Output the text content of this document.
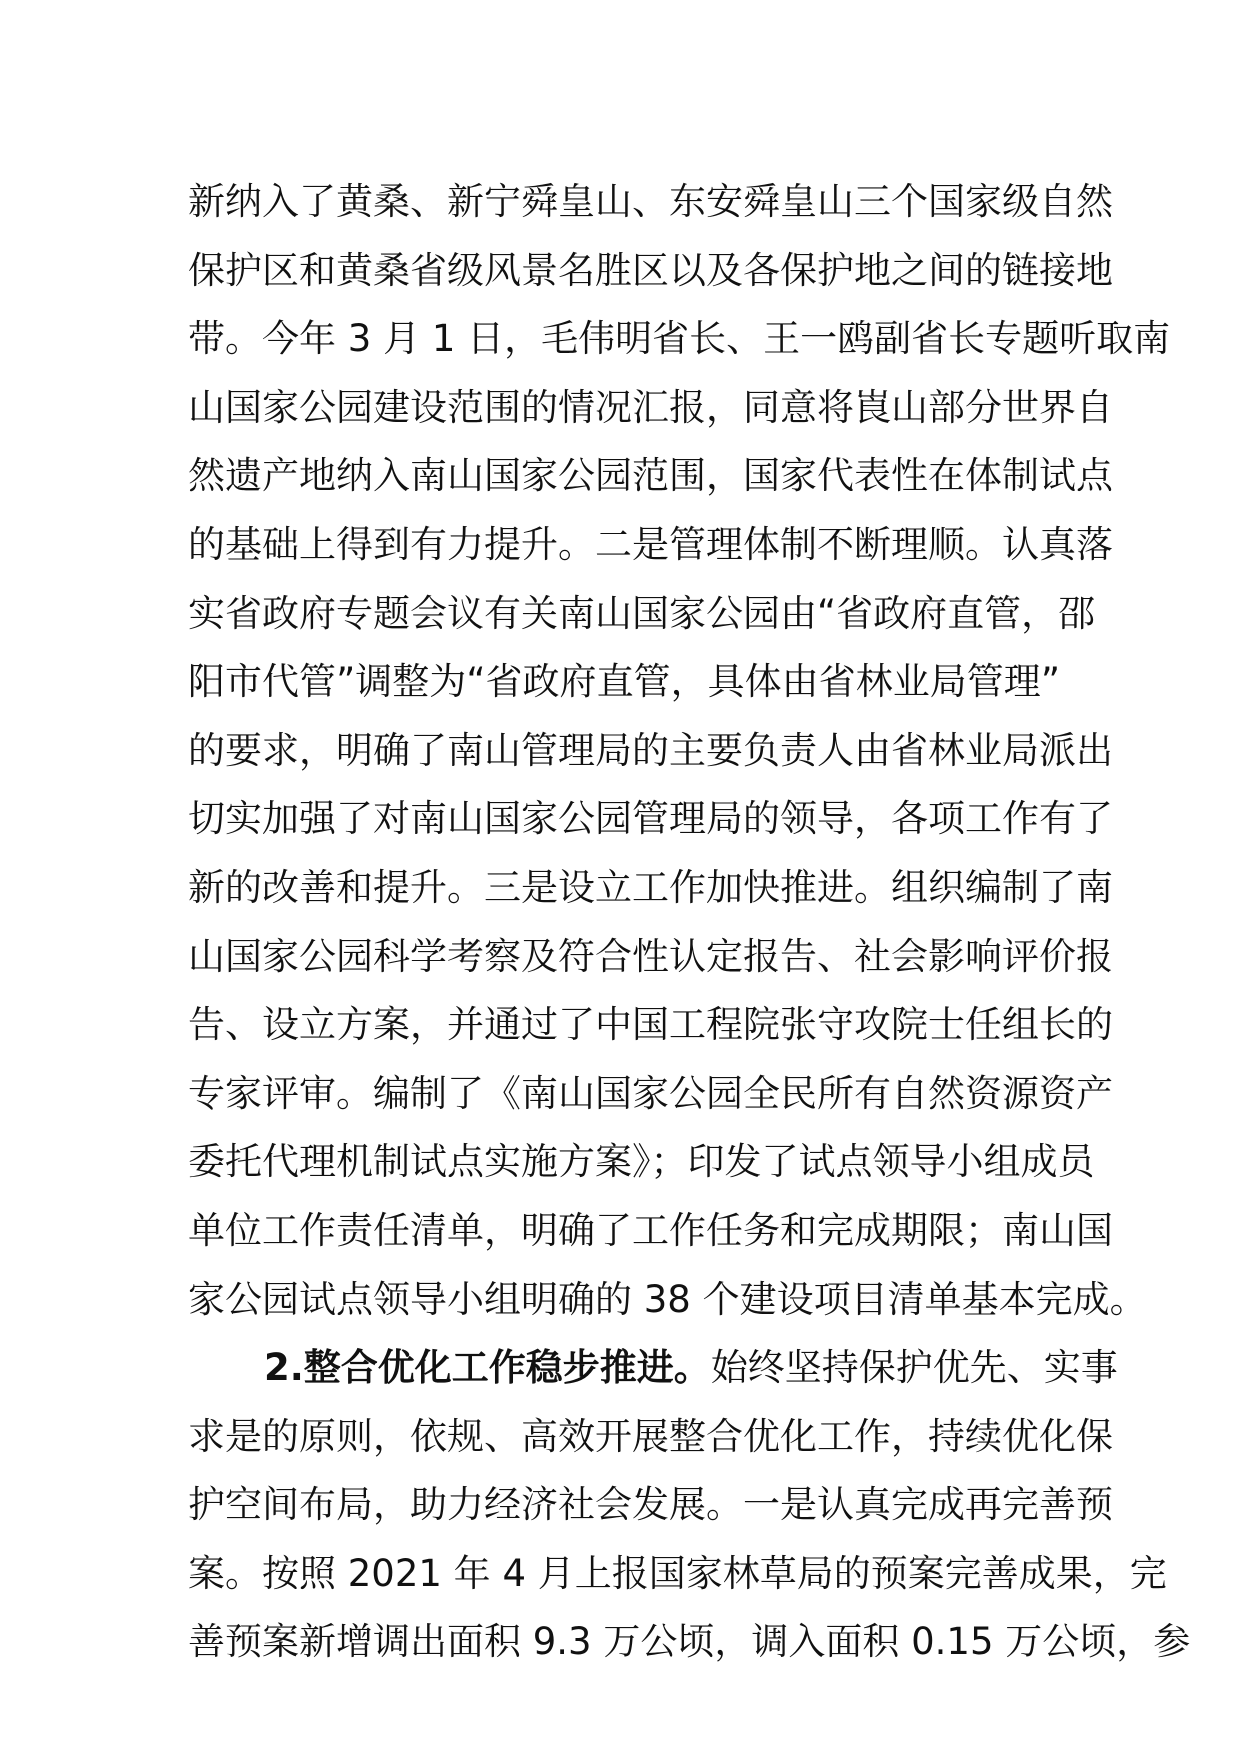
新纳入了黄桑、新宁舜皇山、东安舜皇山三个国家级自然
保护区和黄桑省级风景名胜区以及各保护地之间的链接地
带。今年 3 月 1 日，毛伟明省长、王一鸥副省长专题听取南
山国家公园建设范围的情况汇报，同意将崀山部分世界自
然遗产地纳入南山国家公园范围，国家代表性在体制试点
的基础上得到有力提升。二是管理体制不断理顺。认真落
实省政府专题会议有关南山国家公园由“省政府直管，邵
阳市代管”调整为“省政府直管，具体由省林业局管理”
的要求，明确了南山管理局的主要负责人由省林业局派出
切实加强了对南山国家公园管理局的领导，各项工作有了
新的改善和提升。三是设立工作加快推进。组织编制了南
山国家公园科学考察及符合性认定报告、社会影响评价报
告、设立方案，并通过了中国工程院张守攻院士任组长的
专家评审。编制了《南山国家公园全民所有自然资源资产
委托代理机制试点实施方案》；印发了试点领导小组成员
单位工作责任清单，明确了工作任务和完成期限；南山国
家公园试点领导小组明确的 38 个建设项目清单基本完成。
2.整合优化工作稳步推进。始终坚持保护优先、实事
求是的原则，依规、高效开展整合优化工作，持续优化保
护空间布局，助力经济社会发展。一是认真完成再完善预
案。按照 2021 年 4 月上报国家林草局的预案完善成果，完
善预案新增调出面积 9.3 万公顷，调入面积 0.15 万公顷，参
